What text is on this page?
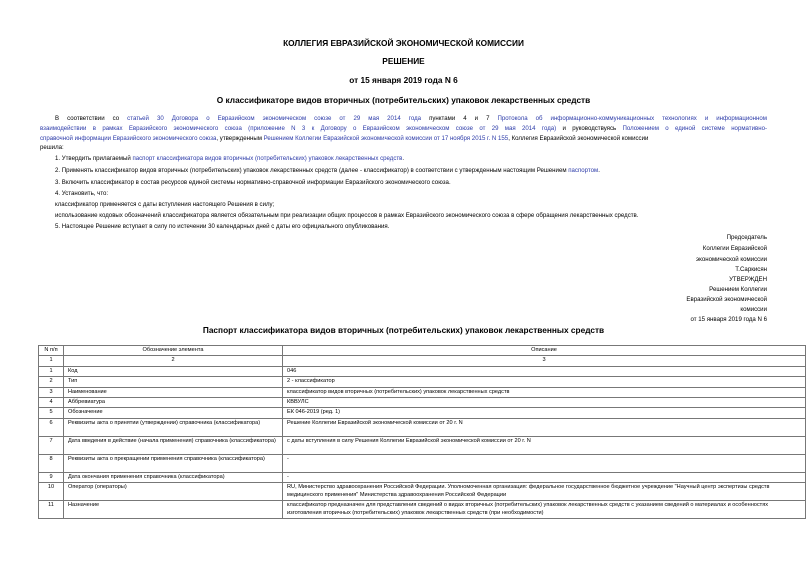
КОЛЛЕГИЯ ЕВРАЗИЙСКОЙ ЭКОНОМИЧЕСКОЙ КОМИССИИ
РЕШЕНИЕ
от 15 января 2019 года N 6
О классификаторе видов вторичных (потребительских) упаковок лекарственных средств
В соответствии со статьей 30 Договора о Евразийском экономическом союзе от 29 мая 2014 года пунктами 4 и 7 Протокола об информационно-коммуникационных технологиях и информационном
взаимодействии в рамках Евразийского экономического союза (приложение N 3 к Договору о Евразийском экономическом союзе от 29 мая 2014 года) и руководствуясь Положением о единой системе нормативно-
справочной информации Евразийского экономического союза, утвержденным Решением Коллегии Евразийской экономической комиссии от 17 ноября 2015 г. N 155, Коллегия Евразийской экономической комиссии
решила:
1. Утвердить прилагаемый паспорт классификатора видов вторичных (потребительских) упаковок лекарственных средств.
2. Применять классификатор видов вторичных (потребительских) упаковок лекарственных средств (далее - классификатор) в соответствии с утвержденным настоящим Решением паспортом.
3. Включить классификатор в состав ресурсов единой системы нормативно-справочной информации Евразийского экономического союза.
4. Установить, что:
классификатор применяется с даты вступления настоящего Решения в силу;
использование кодовых обозначений классификатора является обязательным при реализации общих процессов в рамках Евразийского экономического союза в сфере обращения лекарственных средств.
5. Настоящее Решение вступает в силу по истечении 30 календарных дней с даты его официального опубликования.
Председатель
Коллегии Евразийской
экономической комиссии
Т.Саркисян
УТВЕРЖДЕН
Решением Коллегии
Евразийской экономической
комиссии
от 15 января 2019 года N 6
Паспорт классификатора видов вторичных (потребительских) упаковок лекарственных средств
N п/п	Обозначение элемента	Описание
1	2	3
1	Код	046
2	Тип	2 - классификатор
3	Наименование	классификатор видов вторичных (потребительских) упаковок лекарственных средств
4	Аббревиатура	КВВУЛС
5	Обозначение	ЕК 046-2019 (ред. 1)
6	Реквизиты акта о принятии (утверждении) справочника (классификатора)	Решение Коллегии Евразийской экономической комиссии от 20 г. N
7	Дата введения в действие (начала применения) справочника (классификатора)	с даты вступления в силу Решения Коллегии Евразийской экономической комиссии от 20 г. N
8	Реквизиты акта о прекращении применения справочника (классификатора)	-
9	Дата окончания применения справочника (классификатора)	-
10	Оператор (операторы)	RU, Министерство здравоохранения Российской Федерации. Уполномоченная организация: федеральное государственное бюджетное учреждение "Научный центр экспертизы средств медицинского применения" Министерства здравоохранения Российской Федерации
11	Назначение	классификатор предназначен для представления сведений о видах вторичных (потребительских) упаковок лекарственных средств с указанием сведений о материалах и особенностях изготовления вторичных (потребительских) упаковок лекарственных средств (при необходимости)
